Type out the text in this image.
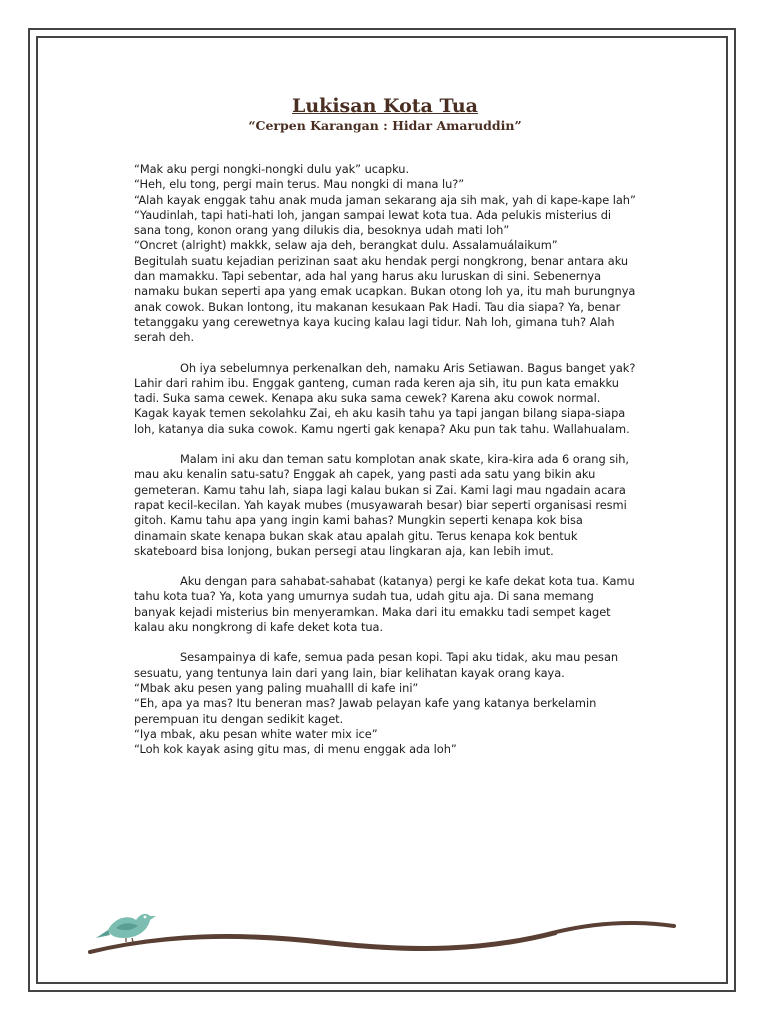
Lukisan Kota Tua
“Cerpen Karangan : Hidar Amaruddin”

“Mak aku pergi nongki-nongki dulu yak” ucapku.

“Heh, elu tong, pergi main terus. Mau nongki di mana lu?”

“Alah kayak enggak tahu anak muda jaman sekarang aja sih mak, yah di kape-kape lah”

“Yaudinlah, tapi hati-hati loh, jangan sampai lewat kota tua. Ada pelukis misterius di sana tong, konon orang yang dilukis dia, besoknya udah mati loh”

“Oncret (alright) makkk, selaw aja deh, berangkat dulu. Assalamuálaikum”

Begitulah suatu kejadian perizinan saat aku hendak pergi nongkrong, benar antara aku dan mamakku. Tapi sebentar, ada hal yang harus aku luruskan di sini. Sebenernya namaku bukan seperti apa yang emak ucapkan. Bukan otong loh ya, itu mah burungnya anak cowok. Bukan lontong, itu makanan kesukaan Pak Hadi. Tau dia siapa? Ya, benar tetanggaku yang cerewetnya kaya kucing kalau lagi tidur. Nah loh, gimana tuh? Alah serah deh.

Oh iya sebelumnya perkenalkan deh, namaku Aris Setiawan. Bagus banget yak? Lahir dari rahim ibu. Enggak ganteng, cuman rada keren aja sih, itu pun kata emakku tadi. Suka sama cewek. Kenapa aku suka sama cewek? Karena aku cowok normal. Kagak kayak temen sekolahku Zai, eh aku kasih tahu ya tapi jangan bilang siapa-siapa loh, katanya dia suka cowok. Kamu ngerti gak kenapa? Aku pun tak tahu. Wallahualam.

Malam ini aku dan teman satu komplotan anak skate, kira-kira ada 6 orang sih, mau aku kenalin satu-satu? Enggak ah capek, yang pasti ada satu yang bikin aku gemeteran. Kamu tahu lah, siapa lagi kalau bukan si Zai. Kami lagi mau ngadain acara rapat kecil-kecilan. Yah kayak mubes (musyawarah besar) biar seperti organisasi resmi gitoh. Kamu tahu apa yang ingin kami bahas? Mungkin seperti kenapa kok bisa dinamain skate kenapa bukan skak atau apalah gitu. Terus kenapa kok bentuk skateboard bisa lonjong, bukan persegi atau lingkaran aja, kan lebih imut.

Aku dengan para sahabat-sahabat (katanya) pergi ke kafe dekat kota tua. Kamu tahu kota tua? Ya, kota yang umurnya sudah tua, udah gitu aja. Di sana memang banyak kejadi misterius bin menyeramkan. Maka dari itu emakku tadi sempet kaget kalau aku nongkrong di kafe deket kota tua.

Sesampainya di kafe, semua pada pesan kopi. Tapi aku tidak, aku mau pesan sesuatu, yang tentunya lain dari yang lain, biar kelihatan kayak orang kaya.

“Mbak aku pesen yang paling muahalll di kafe ini”

“Eh, apa ya mas? Itu beneran mas? Jawab pelayan kafe yang katanya berkelamin perempuan itu dengan sedikit kaget.

“Iya mbak, aku pesan white water mix ice”

“Loh kok kayak asing gitu mas, di menu enggak ada loh”
